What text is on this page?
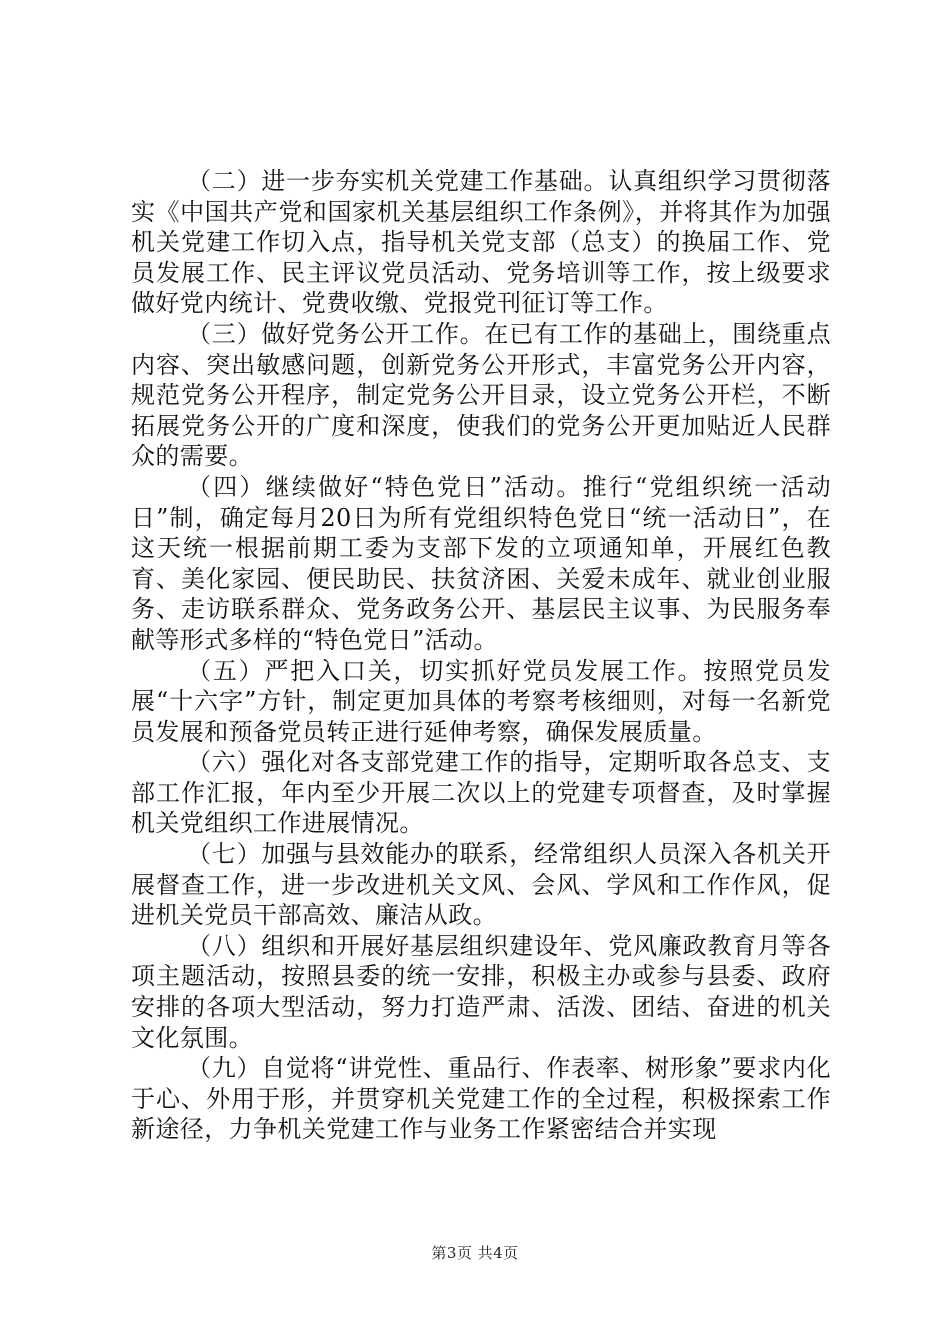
（二）进一步夯实机关党建工作基础。认真组织学习贯彻落实《中国共产党和国家机关基层组织工作条例》，并将其作为加强机关党建工作切入点，指导机关党支部（总支）的换届工作、党员发展工作、民主评议党员活动、党务培训等工作，按上级要求做好党内统计、党费收缴、党报党刊征订等工作。

（三）做好党务公开工作。在已有工作的基础上，围绕重点内容、突出敏感问题，创新党务公开形式，丰富党务公开内容，规范党务公开程序，制定党务公开目录，设立党务公开栏，不断拓展党务公开的广度和深度，使我们的党务公开更加贴近人民群众的需要。

（四）继续做好“特色党日”活动。推行“党组织统一活动日”制，确定每月20日为所有党组织特色党日“统一活动日”，在这天统一根据前期工委为支部下发的立项通知单，开展红色教育、美化家园、便民助民、扶贫济困、关爱未成年、就业创业服务、走访联系群众、党务政务公开、基层民主议事、为民服务奉献等形式多样的“特色党日”活动。

（五）严把入口关，切实抓好党员发展工作。按照党员发展“十六字”方针，制定更加具体的考察考核细则，对每一名新党员发展和预备党员转正进行延伸考察，确保发展质量。

（六）强化对各支部党建工作的指导，定期听取各总支、支部工作汇报，年内至少开展二次以上的党建专项督查，及时掌握机关党组织工作进展情况。

（七）加强与县效能办的联系，经常组织人员深入各机关开展督查工作，进一步改进机关文风、会风、学风和工作作风，促进机关党员干部高效、廉洁从政。

（八）组织和开展好基层组织建设年、党风廉政教育月等各项主题活动，按照县委的统一安排，积极主办或参与县委、政府安排的各项大型活动，努力打造严肃、活泼、团结、奋进的机关文化氛围。

（九）自觉将“讲党性、重品行、作表率、树形象”要求内化于心、外用于形，并贯穿机关党建工作的全过程，积极探索工作新途径，力争机关党建工作与业务工作紧密结合并实现

第3页 共4页
